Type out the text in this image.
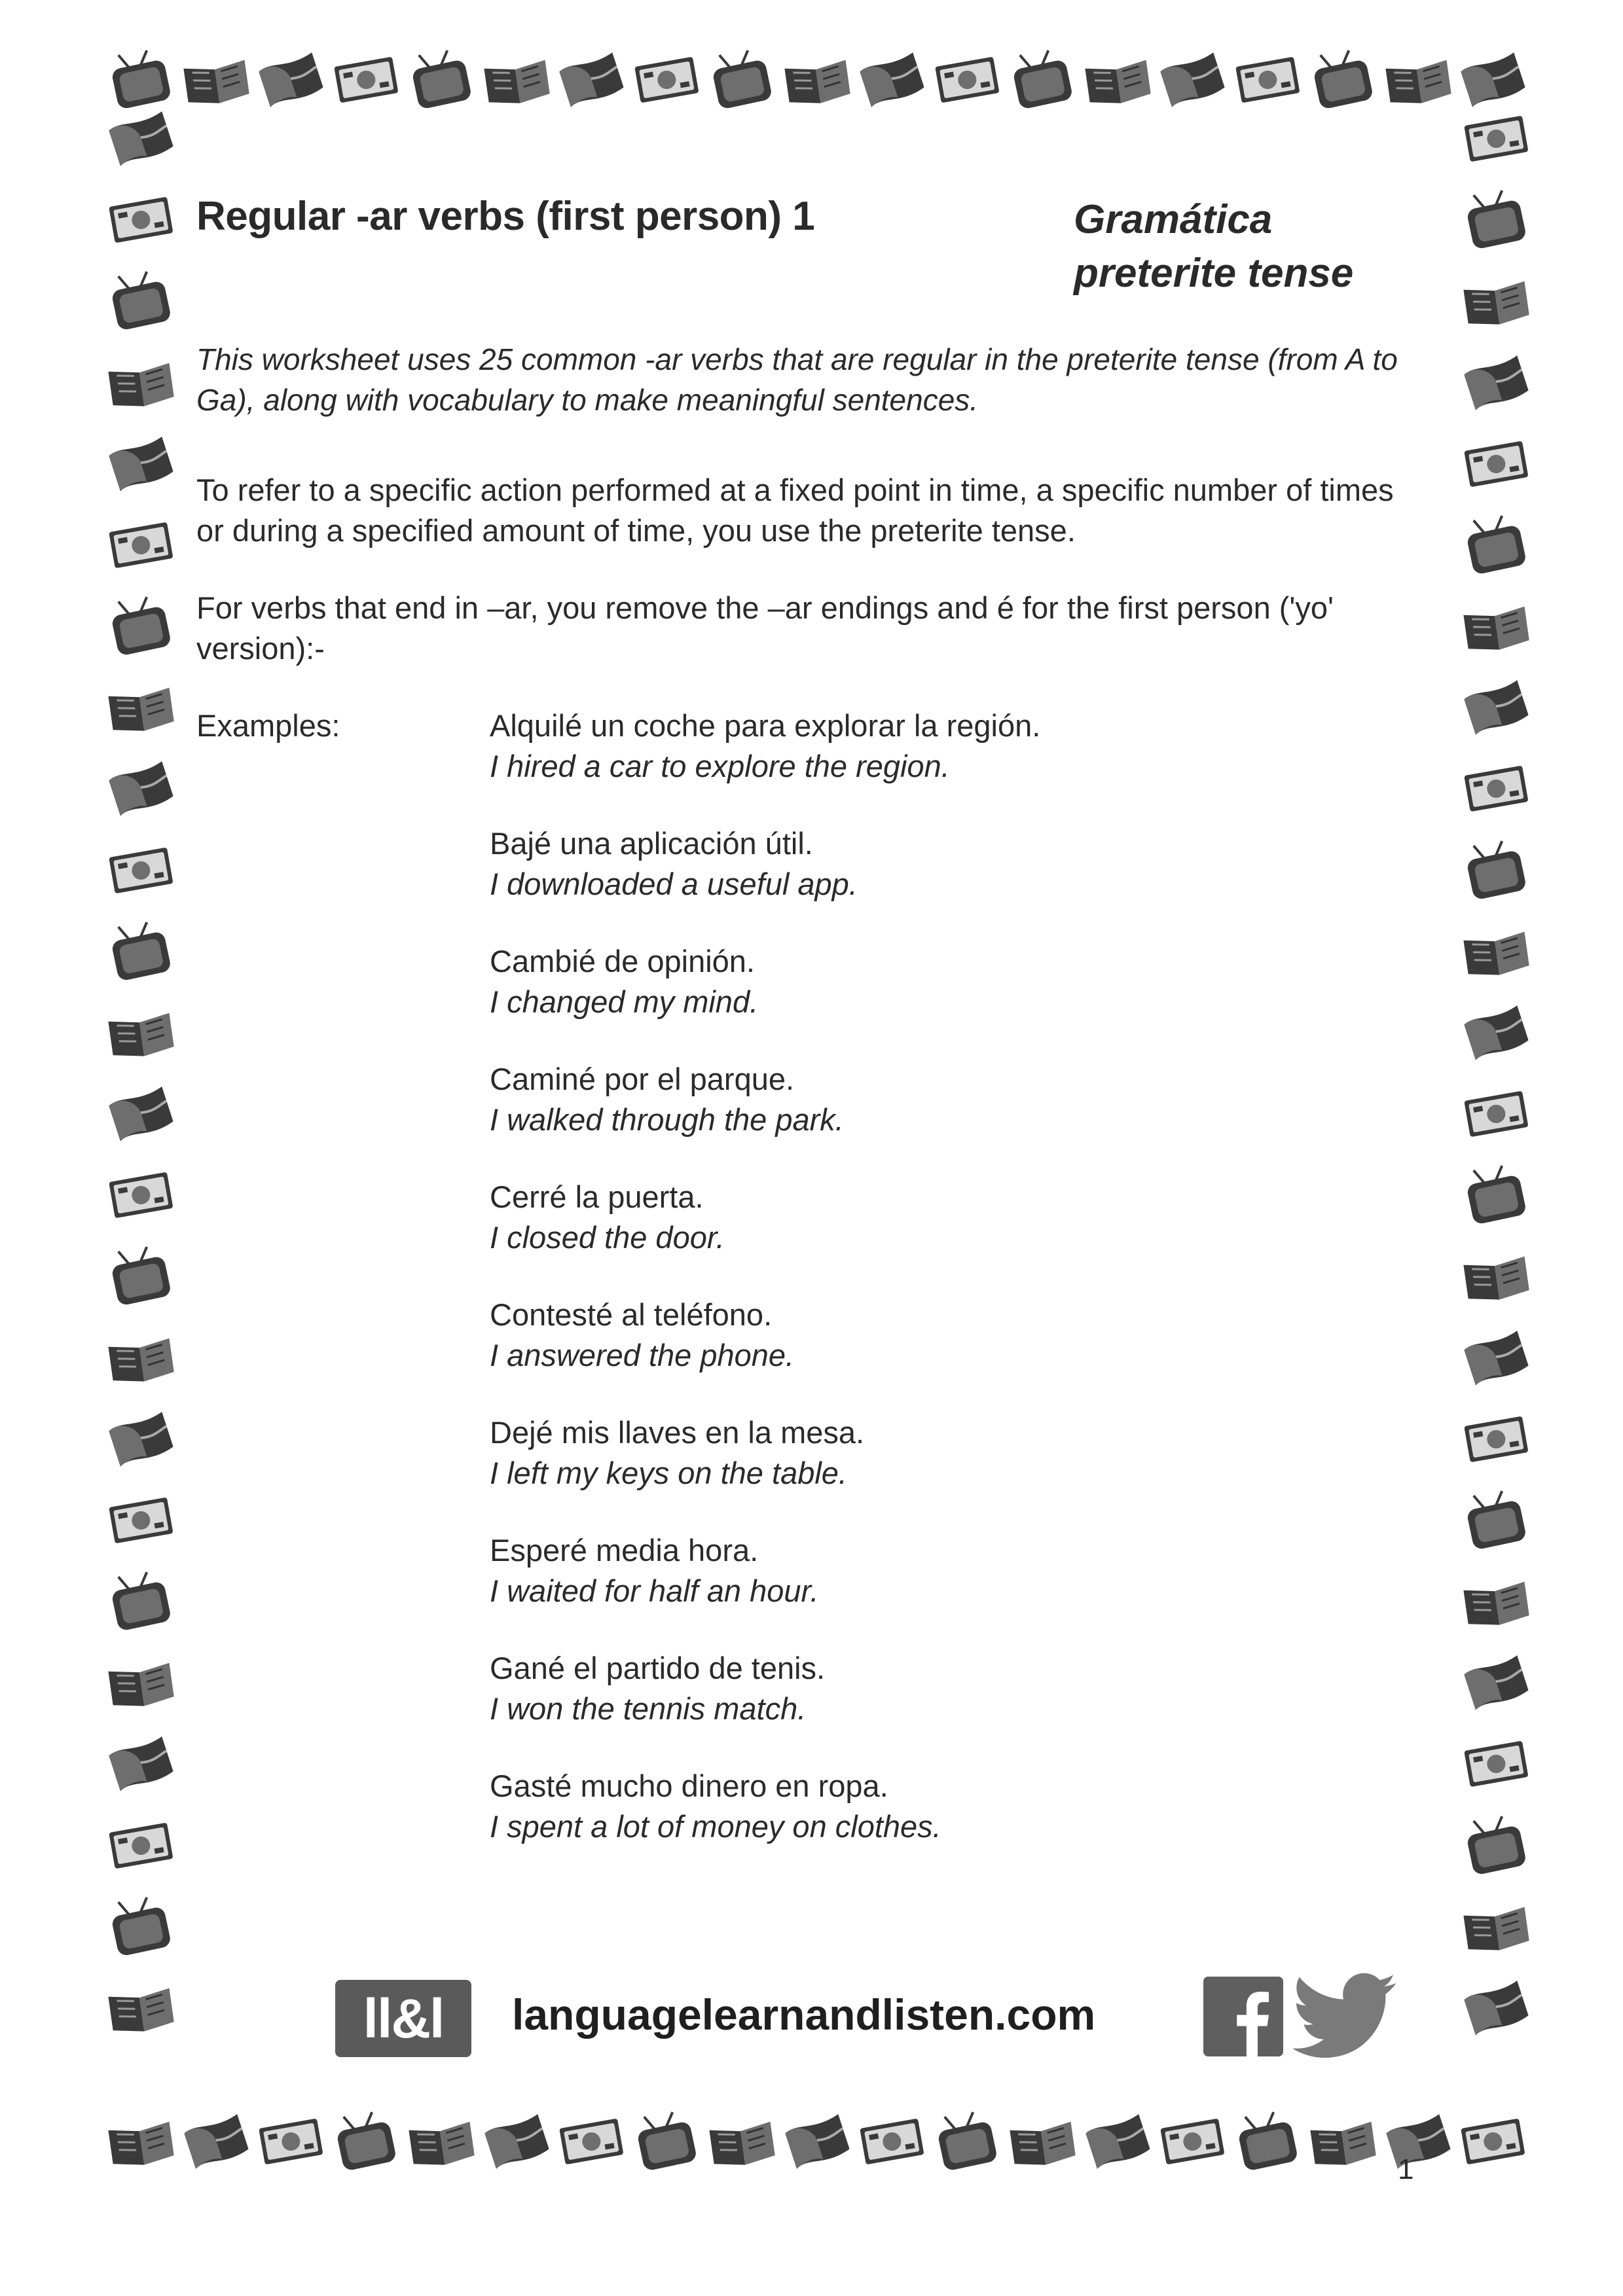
Regular -ar verbs (first person) 1	Gramática
preterite tense

This worksheet uses 25 common -ar verbs that are regular in the preterite tense (from A to Ga), along with vocabulary to make meaningful sentences.

To refer to a specific action performed at a fixed point in time, a specific number of times or during a specified amount of time, you use the preterite tense.

For verbs that end in –ar, you remove the –ar endings and é for the first person ('yo' version):-

Examples:	Alquilé un coche para explorar la región.
I hired a car to explore the region.
Bajé una aplicación útil.
I downloaded a useful app.
Cambié de opinión.
I changed my mind.
Caminé por el parque.
I walked through the park.
Cerré la puerta.
I closed the door.
Contesté al teléfono.
I answered the phone.
Dejé mis llaves en la mesa.
I left my keys on the table.
Esperé media hora.
I waited for half an hour.
Gané el partido de tenis.
I won the tennis match.
Gasté mucho dinero en ropa.
I spent a lot of money on clothes.
ll&l	languagelearnandlisten.com
1
